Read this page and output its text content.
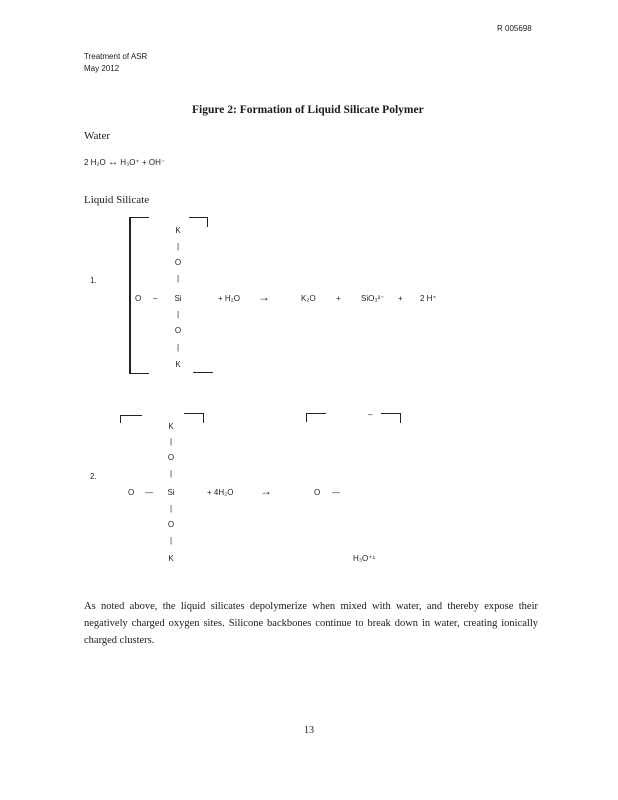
R 005698
Treatment of ASR
May 2012
Figure 2: Formation of Liquid Silicate Polymer
Water
2 H₂O ↔ H₃O⁺ + OH⁻
Liquid Silicate
1.
K
|
O
|
O – Si
|
O
|
K
+ H₂O →	K₂O	+	SiO₃²⁻ + 2 H⁺
2.
K
|
O
|
O — Si
|
O
|
K
+ 4H₂O →
–
O —
H₃O⁺¹
As noted above, the liquid silicates depolymerize when mixed with water, and thereby expose their negatively charged oxygen sites. Silicone backbones continue to break down in water, creating ionically charged clusters.
13
